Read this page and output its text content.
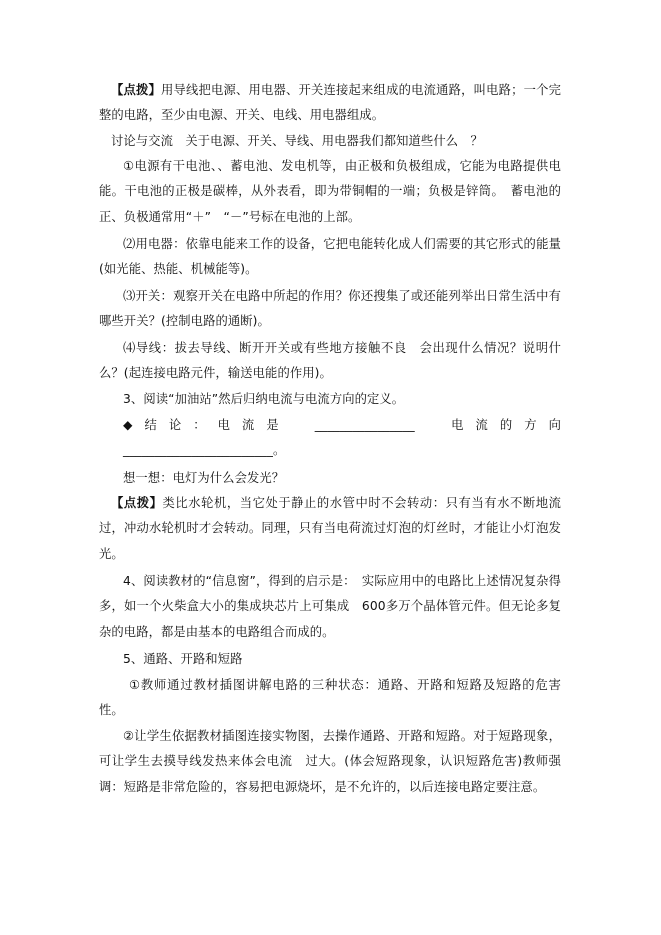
【点拨】用导线把电源、用电器、开关连接起来组成的电流通路，叫电路；一个完整的电路，至少由电源、开关、电线、用电器组成。

讨论与交流　关于电源、开关、导线、用电器我们都知道些什么　？

①电源有干电池、、蓄电池、发电机等，由正极和负极组成，它能为电路提供电能。干电池的正极是碳棒，从外表看，即为带铜帽的一端；负极是锌筒。　蓄电池的正、负极通常用“＋”　“－”号标在电池的上部。

⑵用电器：依靠电能来工作的设备，它把电能转化成人们需要的其它形式的能量(如光能、热能、机械能等)。

⑶开关：观察开关在电路中所起的作用？你还搜集了或还能列举出日常生活中有哪些开关？(控制电路的通断)。

⑷导线：拔去导线、断开开关或有些地方接触不良　会出现什么情况？说明什么？(起连接电路元件，输送电能的作用)。

3、阅读“加油站”然后归纳电流与电流方向的定义。

◆结论：电流是 ________________　电流的方向________________________。

想一想：电灯为什么会发光？

【点拨】类比水轮机，当它处于静止的水管中时不会转动：只有当有水不断地流过，冲动水轮机时才会转动。同理，只有当电荷流过灯泡的灯丝时，才能让小灯泡发光。

4、阅读教材的“信息窗”，得到的启示是：　实际应用中的电路比上述情况复杂得多，如一个火柴盒大小的集成块芯片上可集成　600多万个晶体管元件。但无论多复杂的电路，都是由基本的电路组合而成的。

5、通路、开路和短路

①教师通过教材插图讲解电路的三种状态：通路、开路和短路及短路的危害性。

②让学生依据教材插图连接实物图，去操作通路、开路和短路。对于短路现象，可让学生去摸导线发热来体会电流　过大。(体会短路现象，认识短路危害)教师强调：短路是非常危险的，容易把电源烧坏，是不允许的，以后连接电路定要注意。
